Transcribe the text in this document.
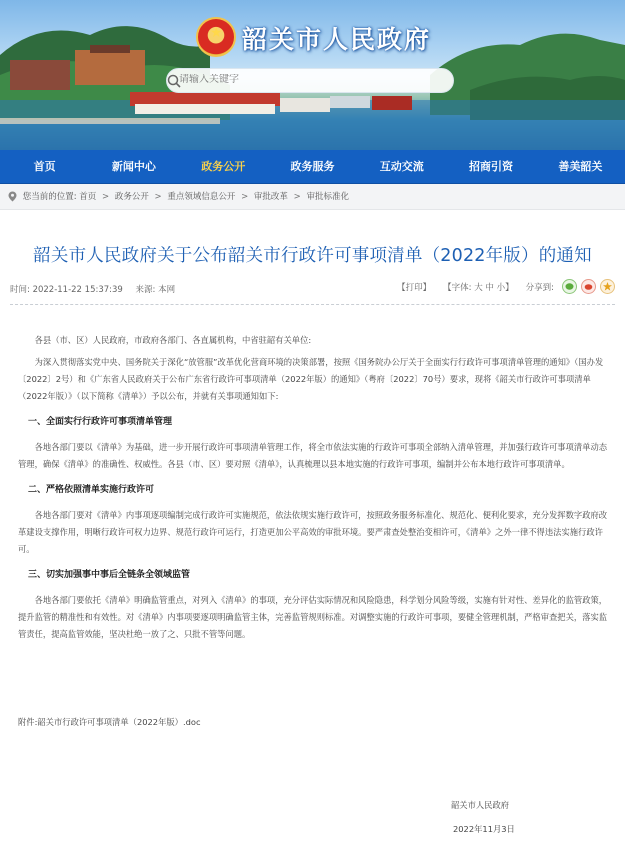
★
韶关市人民政府
请输入关键字
首页	新闻中心	政务公开	政务服务	互动交流	招商引资	善美韶关
您当前的位置: 首页 > 政务公开 > 重点领域信息公开 > 审批改革 > 审批标准化
韶关市人民政府关于公布韶关市行政许可事项清单（2022年版）的通知
时间: 2022-11-22 15:37:39 来源: 本网	【打印】 【字体: 大 中 小】 分享到:

各县（市、区）人民政府，市政府各部门、各直属机构，中省驻韶有关单位:

为深入贯彻落实党中央、国务院关于深化“放管服”改革优化营商环境的决策部署，按照《国务院办公厅关于全面实行行政许可事项清单管理的通知》（国办发〔2022〕2号）和《广东省人民政府关于公布广东省行政许可事项清单（2022年版）的通知》（粤府〔2022〕70号）要求，现将《韶关市行政许可事项清单（2022年版）》（以下简称《清单》）予以公布，并就有关事项通知如下:

一、全面实行行政许可事项清单管理

各地各部门要以《清单》为基础，进一步开展行政许可事项清单管理工作，将全市依法实施的行政许可事项全部纳入清单管理，并加强行政许可事项清单动态管理，确保《清单》的准确性、权威性。各县（市、区）要对照《清单》，认真梳理以县本地实施的行政许可事项，编制并公布本地行政许可事项清单。

二、严格依照清单实施行政许可

各地各部门要对《清单》内事项逐项编制完成行政许可实施规范，依法依规实施行政许可，按照政务服务标准化、规范化、便利化要求，充分发挥数字政府改革建设支撑作用，明晰行政许可权力边界、规范行政许可运行，打造更加公平高效的审批环境。要严肃查处整治变相许可，《清单》之外一律不得违法实施行政许可。

三、切实加强事中事后全链条全领域监管

各地各部门要依托《清单》明确监管重点，对列入《清单》的事项，充分评估实际情况和风险隐患，科学划分风险等级，实施有针对性、差异化的监管政策，提升监管的精准性和有效性。对《清单》内事项要逐项明确监管主体，完善监管规则标准。对调整实施的行政许可事项，要健全管理机制，严格审查把关，落实监管责任，提高监管效能，坚决杜绝一放了之、只批不管等问题。

附件:韶关市行政许可事项清单（2022年版）.doc
韶关市人民政府
2022年11月3日
